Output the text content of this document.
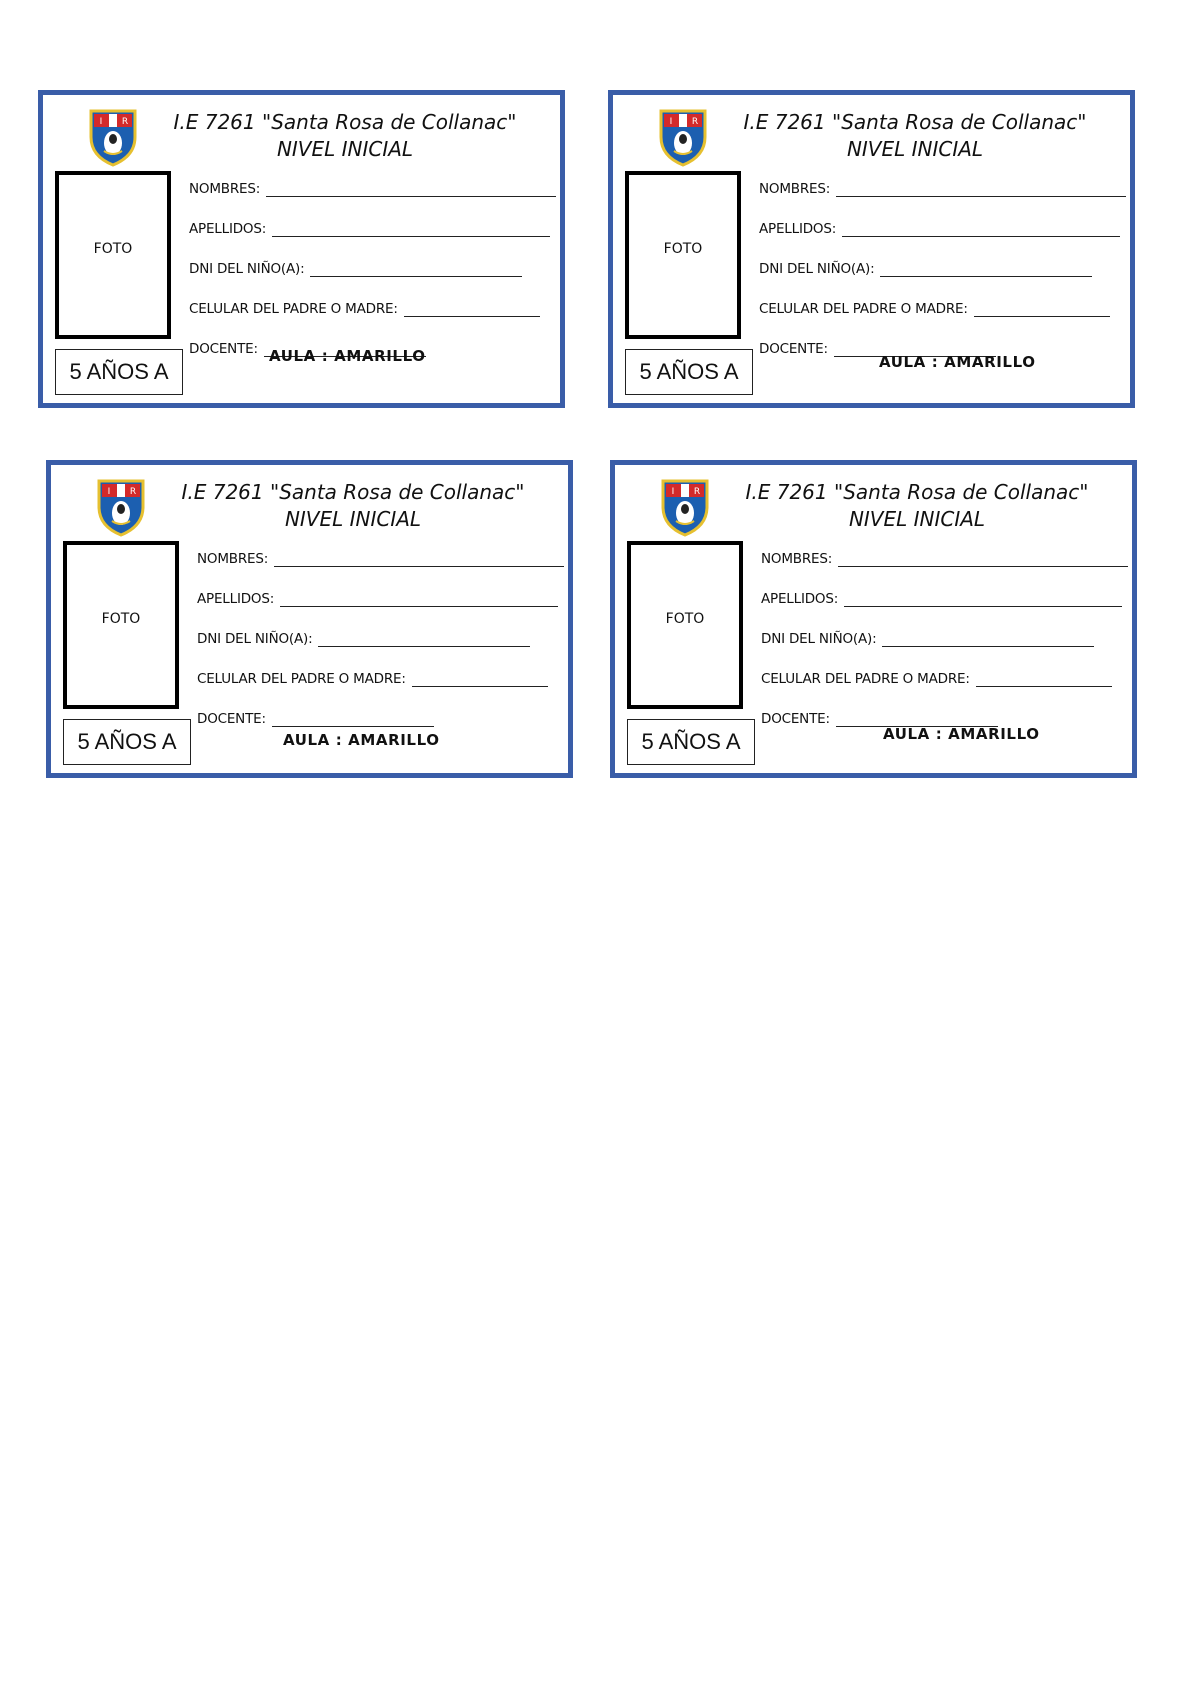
I R	I.E 7261 "Santa Rosa de Collanac"
NIVEL INICIAL
FOTO
5 AÑOS A
NOMBRES:
APELLIDOS:
DNI DEL NIÑO(A):
CELULAR DEL PADRE O MADRE:
DOCENTE: AULA : AMARILLO
I R	I.E 7261 "Santa Rosa de Collanac"
NIVEL INICIAL
FOTO
5 AÑOS A
NOMBRES:
APELLIDOS:
DNI DEL NIÑO(A):
CELULAR DEL PADRE O MADRE:
DOCENTE:
AULA : AMARILLO
I R	I.E 7261 "Santa Rosa de Collanac"
NIVEL INICIAL
FOTO
5 AÑOS A
NOMBRES:
APELLIDOS:
DNI DEL NIÑO(A):
CELULAR DEL PADRE O MADRE:
DOCENTE:
AULA : AMARILLO
I R	I.E 7261 "Santa Rosa de Collanac"
NIVEL INICIAL
FOTO
5 AÑOS A
NOMBRES:
APELLIDOS:
DNI DEL NIÑO(A):
CELULAR DEL PADRE O MADRE:
DOCENTE:
AULA : AMARILLO
